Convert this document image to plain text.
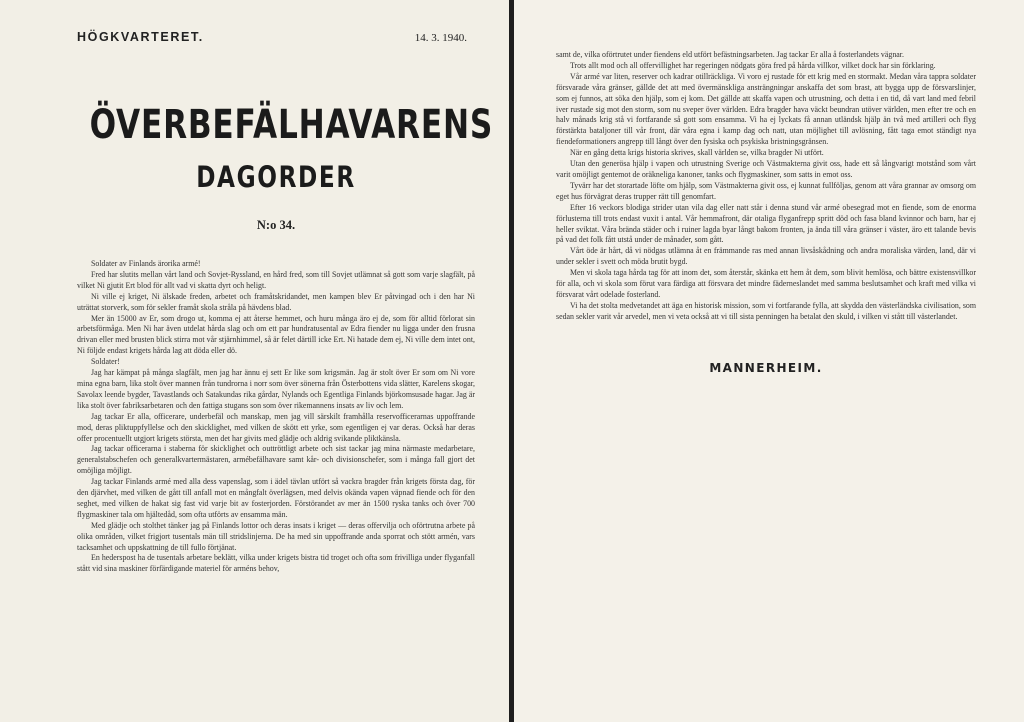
HÖGKVARTERET.	14. 3. 1940.
ÖVERBEFÄLHAVARENS
DAGORDER
N:o 34.

Soldater av Finlands ärorika armé!

Fred har slutits mellan vårt land och Sovjet-Ryssland, en hård fred, som till Sovjet utlämnat så gott som varje slagfält, på vilket Ni gjutit Ert blod för allt vad vi skatta dyrt och heligt.

Ni ville ej kriget, Ni älskade freden, arbetet och framåtskridandet, men kampen blev Er påtvingad och i den har Ni uträttat storverk, som för sekler framåt skola stråla på hävdens blad.

Mer än 15000 av Er, som drogo ut, komma ej att återse hemmet, och huru många äro ej de, som för alltid förlorat sin arbetsförmåga. Men Ni har även utdelat hårda slag och om ett par hundratusental av Edra fiender nu ligga under den frusna drivan eller med brusten blick stirra mot vår stjärnhimmel, så är felet därtill icke Ert. Ni hatade dem ej, Ni ville dem intet ont, Ni följde endast krigets hårda lag att döda eller dö.

Soldater!

Jag har kämpat på många slagfält, men jag har ännu ej sett Er like som krigsmän. Jag är stolt över Er som om Ni vore mina egna barn, lika stolt över mannen från tundrorna i norr som över sönerna från Österbottens vida slätter, Karelens skogar, Savolax leende bygder, Tavastlands och Satakundas rika gårdar, Nylands och Egentliga Finlands björkomsusade hagar. Jag är lika stolt över fabriksarbetaren och den fattiga stugans son som över rikemannens insats av liv och lem.

Jag tackar Er alla, officerare, underbefäl och manskap, men jag vill särskilt framhålla reservofficerarnas uppoffrande mod, deras pliktuppfyllelse och den skicklighet, med vilken de skött ett yrke, som egentligen ej var deras. Också har deras offer procentuellt utgjort krigets största, men det har givits med glädje och aldrig svikande pliktkänsla.

Jag tackar officerarna i staberna för skicklighet och outtröttligt arbete och sist tackar jag mina närmaste medarbetare, generalstabschefen och generalkvartermästaren, armébefälhavare samt kår- och divisionschefer, som i många fall gjort det omöjliga möjligt.

Jag tackar Finlands armé med alla dess vapenslag, som i ädel tävlan utfört så vackra bragder från krigets första dag, för den djärvhet, med vilken de gått till anfall mot en mångfalt överlägsen, med delvis okända vapen väpnad fiende och för den seghet, med vilken de hakat sig fast vid varje bit av fosterjorden. Förstörandet av mer än 1500 ryska tanks och över 700 flygmaskiner tala om hjältedåd, som ofta utförts av ensamma män.

Med glädje och stolthet tänker jag på Finlands lottor och deras insats i kriget — deras offervilja och oförtrutna arbete på olika områden, vilket frigjort tusentals män till stridslinjerna. De ha med sin uppoffrande anda sporrat och stött armén, vars tacksamhet och uppskattning de till fullo förtjänat.

En hederspost ha de tusentals arbetare beklätt, vilka under krigets bistra tid troget och ofta som frivilliga under flyganfall stått vid sina maskiner förfärdigande materiel för arméns behov,

samt de, vilka oförtrutet under fiendens eld utfört befästningsarbeten. Jag tackar Er alla å fosterlandets vägnar.

Trots allt mod och all offervillighet har regeringen nödgats göra fred på hårda villkor, vilket dock har sin förklaring.

Vår armé var liten, reserver och kadrar otillräckliga. Vi voro ej rustade för ett krig med en stormakt. Medan våra tappra soldater försvarade våra gränser, gällde det att med övermänskliga ansträngningar anskaffa det som brast, att bygga upp de försvarslinjer, som ej funnos, att söka den hjälp, som ej kom. Det gällde att skaffa vapen och utrustning, och detta i en tid, då vart land med febril iver rustade sig mot den storm, som nu sveper över världen. Edra bragder hava väckt beundran utöver världen, men efter tre och en halv månads krig stå vi fortfarande så gott som ensamma. Vi ha ej lyckats få annan utländsk hjälp än två med artilleri och flyg förstärkta bataljoner till vår front, där våra egna i kamp dag och natt, utan möjlighet till avlösning, fått taga emot ständigt nya fiendeformationers angrepp till långt över den fysiska och psykiska bristningsgränsen.

När en gång detta krigs historia skrives, skall världen se, vilka bragder Ni utfört.

Utan den generösa hjälp i vapen och utrustning Sverige och Västmakterna givit oss, hade ett så långvarigt motstånd som vårt varit omöjligt gentemot de oräkneliga kanoner, tanks och flygmaskiner, som satts in emot oss.

Tyvärr har det storartade löfte om hjälp, som Västmakterna givit oss, ej kunnat fullföljas, genom att våra grannar av omsorg om eget hus förvägrat deras trupper rätt till genomfart.

Efter 16 veckors blodiga strider utan vila dag eller natt står i denna stund vår armé obesegrad mot en fiende, som de enorma förlusterna till trots endast vuxit i antal. Vår hemmafront, där otaliga flyganfrepp spritt död och fasa bland kvinnor och barn, har ej heller sviktat. Våra brända städer och i ruiner lagda byar långt bakom fronten, ja ända till våra gränser i väster, äro ett talande bevis på vad det folk fått utstå under de månader, som gått.

Vårt öde är hårt, då vi nödgas utlämna åt en främmande ras med annan livsåskådning och andra moraliska värden, land, där vi under sekler i svett och möda brutit bygd.

Men vi skola taga hårda tag för att inom det, som återstår, skänka ett hem åt dem, som blivit hemlösa, och bättre existensvillkor för alla, och vi skola som förut vara färdiga att försvara det mindre fäderneslandet med samma beslutsamhet och kraft med vilka vi försvarat vårt odelade fosterland.

Vi ha det stolta medvetandet att äga en historisk mission, som vi fortfarande fylla, att skydda den västerländska civilisation, som sedan sekler varit vår arvedel, men vi veta också att vi till sista penningen ha betalat den skuld, i vilken vi stått till västerlandet.

MANNERHEIM.
